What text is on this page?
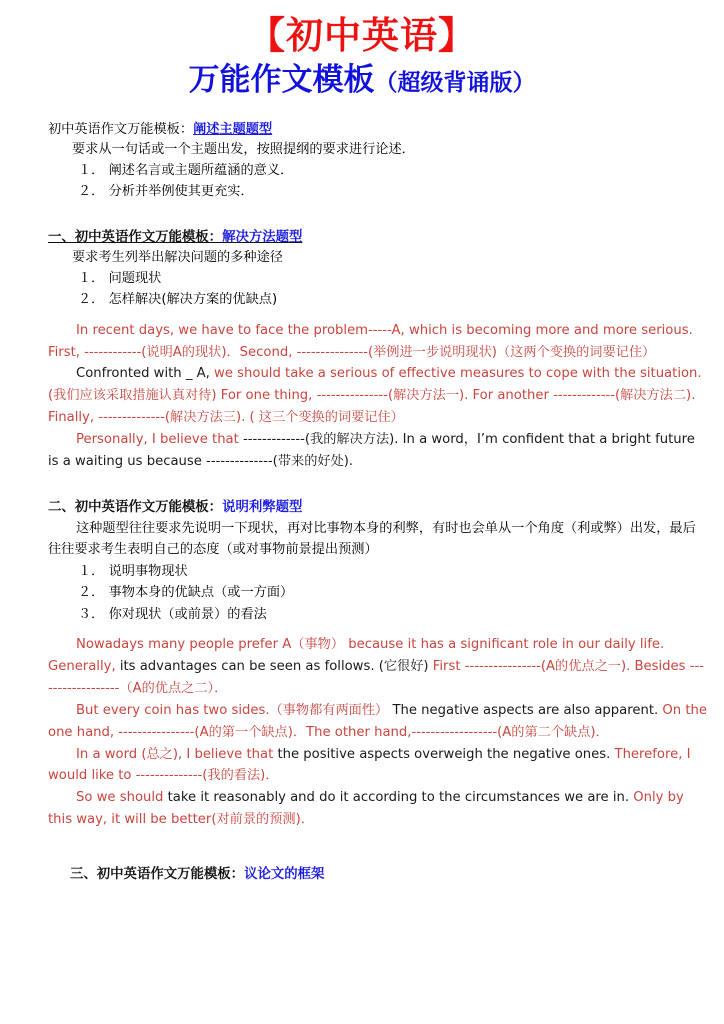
【初中英语】
万能作文模板（超级背诵版）
初中英语作文万能模板：阐述主题题型
要求从一句话或一个主题出发，按照提纲的要求进行论述．
１． 阐述名言或主题所蕴涵的意义．
２． 分析并举例使其更充实．
一、初中英语作文万能模板：解决方法题型
要求考生列举出解决问题的多种途径
１． 问题现状
２． 怎样解决(解决方案的优缺点)
In recent days, we have to face the problem-----A, which is becoming more and more serious. First, ------------(说明A的现状)．Second, ---------------(举例进一步说明现状)（这两个变换的词要记住）
Confronted with _ A, we should take a serious of effective measures to cope with the situation.(我们应该采取措施认真对待) For one thing, ---------------(解决方法一). For another -------------(解决方法二). Finally, --------------(解决方法三). ( 这三个变换的词要记住）
Personally, I believe that -------------(我的解决方法). In a word，I’m confident that a bright future is a waiting us because --------------(带来的好处).
二、初中英语作文万能模板：说明利弊题型
这种题型往往要求先说明一下现状，再对比事物本身的利弊，有时也会单从一个角度（利或弊）出发，最后往往要求考生表明自己的态度（或对事物前景提出预测）
１． 说明事物现状
２． 事物本身的优缺点（或一方面）
３． 你对现状（或前景）的看法
Nowadays many people prefer A（事物） because it has a significant role in our daily life. Generally, its advantages can be seen as follows. (它很好) First ----------------(A的优点之一). Besides ------------------（A的优点之二）．
But every coin has two sides.（事物都有两面性） The negative aspects are also apparent. On the one hand, ----------------(A的第一个缺点)．The other hand,------------------(A的第二个缺点)．
In a word (总之), I believe that the positive aspects overweigh the negative ones. Therefore, I would like to --------------(我的看法)．
So we should take it reasonably and do it according to the circumstances we are in. Only by this way, it will be better(对前景的预测)．
三、初中英语作文万能模板：议论文的框架
